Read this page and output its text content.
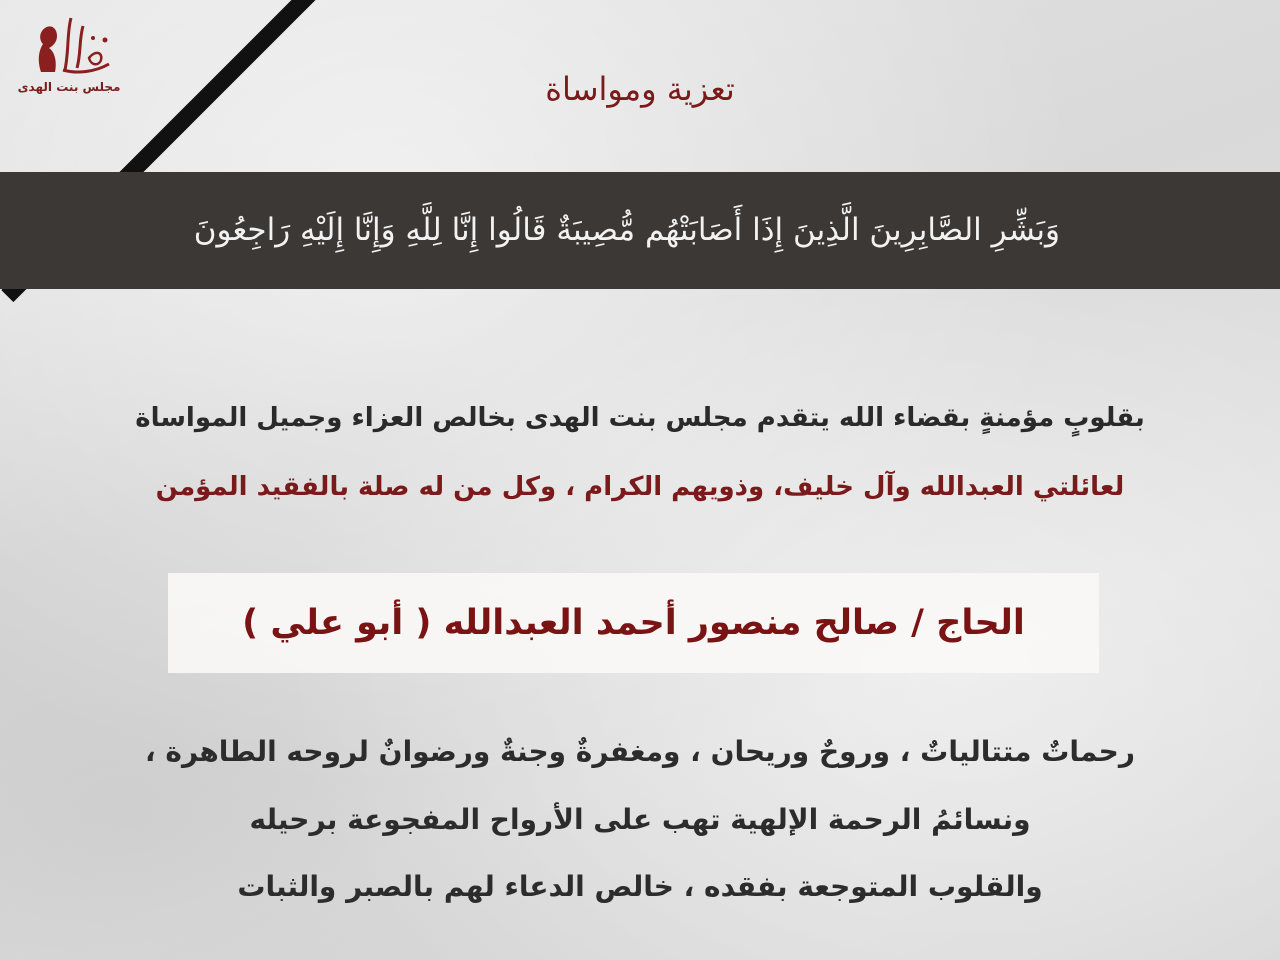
مجلس بنت الهدى	تعزية ومواساة
وَبَشِّرِ الصَّابِرِينَ الَّذِينَ إِذَا أَصَابَتْهُم مُّصِيبَةٌ قَالُوا إِنَّا لِلَّهِ وَإِنَّا إِلَيْهِ رَاجِعُونَ
بقلوبٍ مؤمنةٍ بقضاء الله يتقدم مجلس بنت الهدى بخالص العزاء وجميل المواساة
لعائلتي العبدالله وآل خليف، وذويهم الكرام ، وكل من له صلة بالفقيد المؤمن
الحاج / صالح منصور أحمد العبدالله ( أبو علي )
رحماتٌ متتالياتٌ ، وروحٌ وريحان ، ومغفرةٌ وجنةٌ ورضوانٌ لروحه الطاهرة ،
ونسائمُ الرحمة الإلهية تهب على الأرواح المفجوعة برحيله
والقلوب المتوجعة بفقده ، خالص الدعاء لهم بالصبر والثبات
